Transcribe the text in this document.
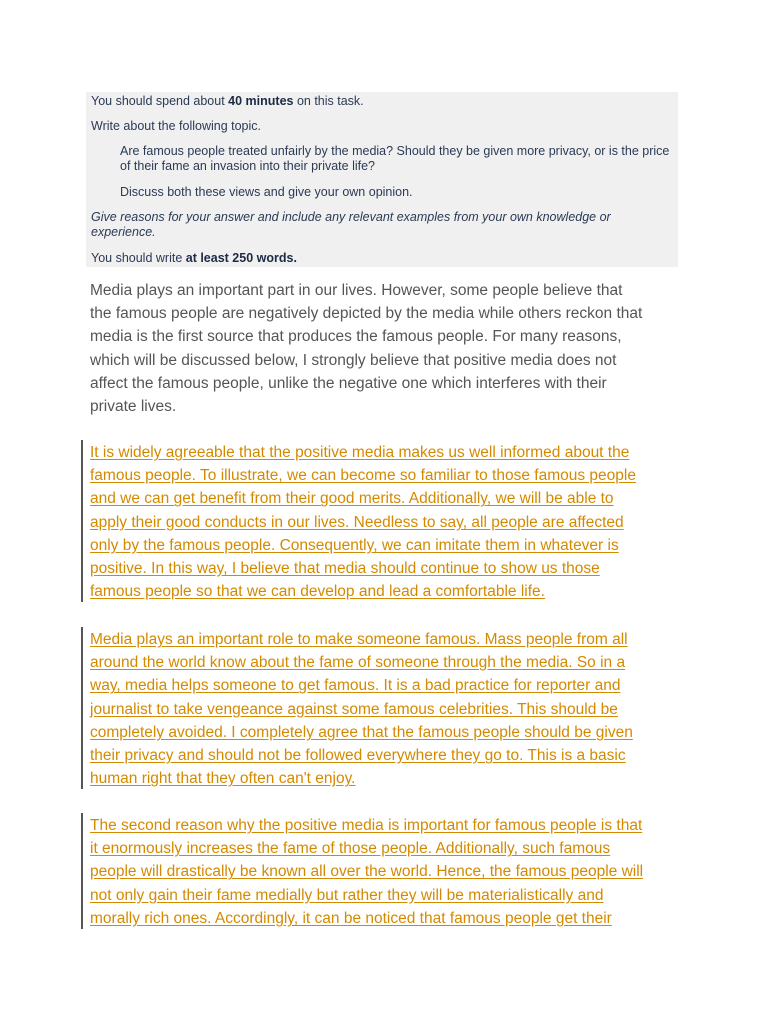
You should spend about 40 minutes on this task.
Write about the following topic.
Are famous people treated unfairly by the media? Should they be given more privacy, or is the price of their fame an invasion into their private life?
Discuss both these views and give your own opinion.
Give reasons for your answer and include any relevant examples from your own knowledge or experience.
You should write at least 250 words.
Media plays an important part in our lives. However, some people believe that
the famous people are negatively depicted by the media while others reckon that
media is the first source that produces the famous people. For many reasons,
which will be discussed below, I strongly believe that positive media does not
affect the famous people, unlike the negative one which interferes with their
private lives.
It is widely agreeable that the positive media makes us well informed about the
famous people. To illustrate, we can become so familiar to those famous people
and we can get benefit from their good merits. Additionally, we will be able to
apply their good conducts in our lives. Needless to say, all people are affected
only by the famous people. Consequently, we can imitate them in whatever is
positive. In this way, I believe that media should continue to show us those
famous people so that we can develop and lead a comfortable life.
Media plays an important role to make someone famous. Mass people from all
around the world know about the fame of someone through the media. So in a
way, media helps someone to get famous. It is a bad practice for reporter and
journalist to take vengeance against some famous celebrities. This should be
completely avoided. I completely agree that the famous people should be given
their privacy and should not be followed everywhere they go to. This is a basic
human right that they often can't enjoy.
The second reason why the positive media is important for famous people is that
it enormously increases the fame of those people. Additionally, such famous
people will drastically be known all over the world. Hence, the famous people will
not only gain their fame medially but rather they will be materialistically and
morally rich ones. Accordingly, it can be noticed that famous people get their
